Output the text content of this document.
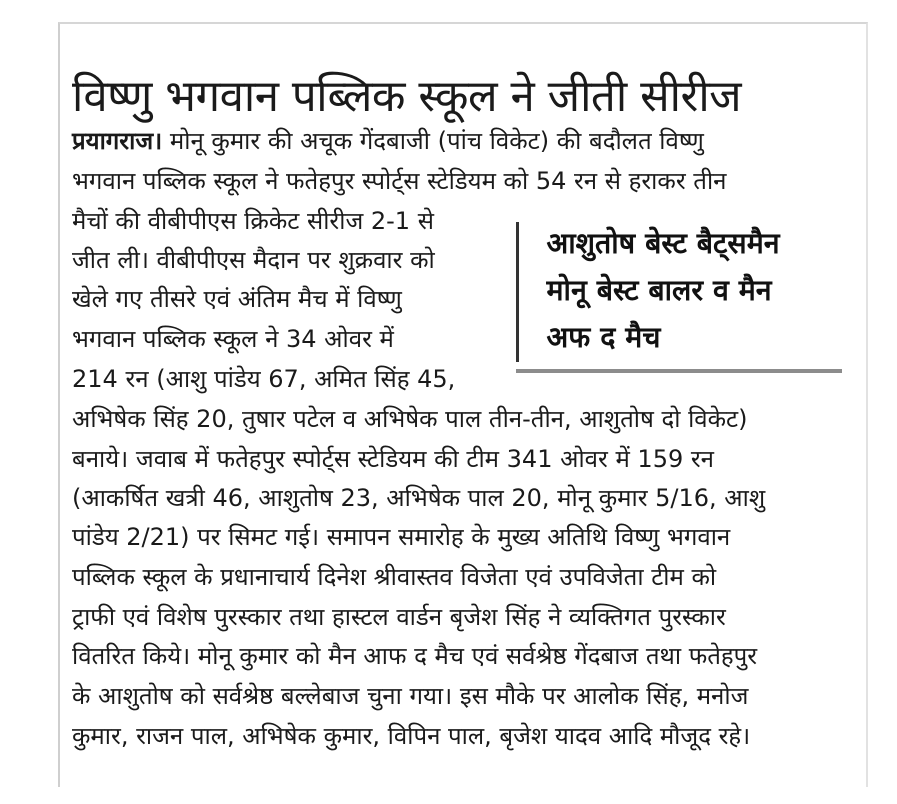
विष्णु भगवान पब्लिक स्कूल ने जीती सीरीज
प्रयागराज। मोनू कुमार की अचूक गेंदबाजी (पांच विकेट) की बदौलत विष्णु
भगवान पब्लिक स्कूल ने फतेहपुर स्पोर्ट्स स्टेडियम को 54 रन से हराकर तीन
मैचों की वीबीपीएस क्रिकेट सीरीज 2-1 से
जीत ली। वीबीपीएस मैदान पर शुक्रवार को
खेले गए तीसरे एवं अंतिम मैच में विष्णु
भगवान पब्लिक स्कूल ने 34 ओवर में
214 रन (आशु पांडेय 67, अमित सिंह 45,
अभिषेक सिंह 20, तुषार पटेल व अभिषेक पाल तीन-तीन, आशुतोष दो विकेट)
बनाये। जवाब में फतेहपुर स्पोर्ट्स स्टेडियम की टीम 341 ओवर में 159 रन
(आकर्षित खत्री 46, आशुतोष 23, अभिषेक पाल 20, मोनू कुमार 5/16, आशु
पांडेय 2/21) पर सिमट गई। समापन समारोह के मुख्य अतिथि विष्णु भगवान
पब्लिक स्कूल के प्रधानाचार्य दिनेश श्रीवास्तव विजेता एवं उपविजेता टीम को
ट्राफी एवं विशेष पुरस्कार तथा हास्टल वार्डन बृजेश सिंह ने व्यक्तिगत पुरस्कार
वितरित किये। मोनू कुमार को मैन आफ द मैच एवं सर्वश्रेष्ठ गेंदबाज तथा फतेहपुर
के आशुतोष को सर्वश्रेष्ठ बल्लेबाज चुना गया। इस मौके पर आलोक सिंह, मनोज
कुमार, राजन पाल, अभिषेक कुमार, विपिन पाल, बृजेश यादव आदि मौजूद रहे।
आशुतोष बेस्ट बैट्समैन
मोनू बेस्ट बालर व मैन
अफ द मैच
